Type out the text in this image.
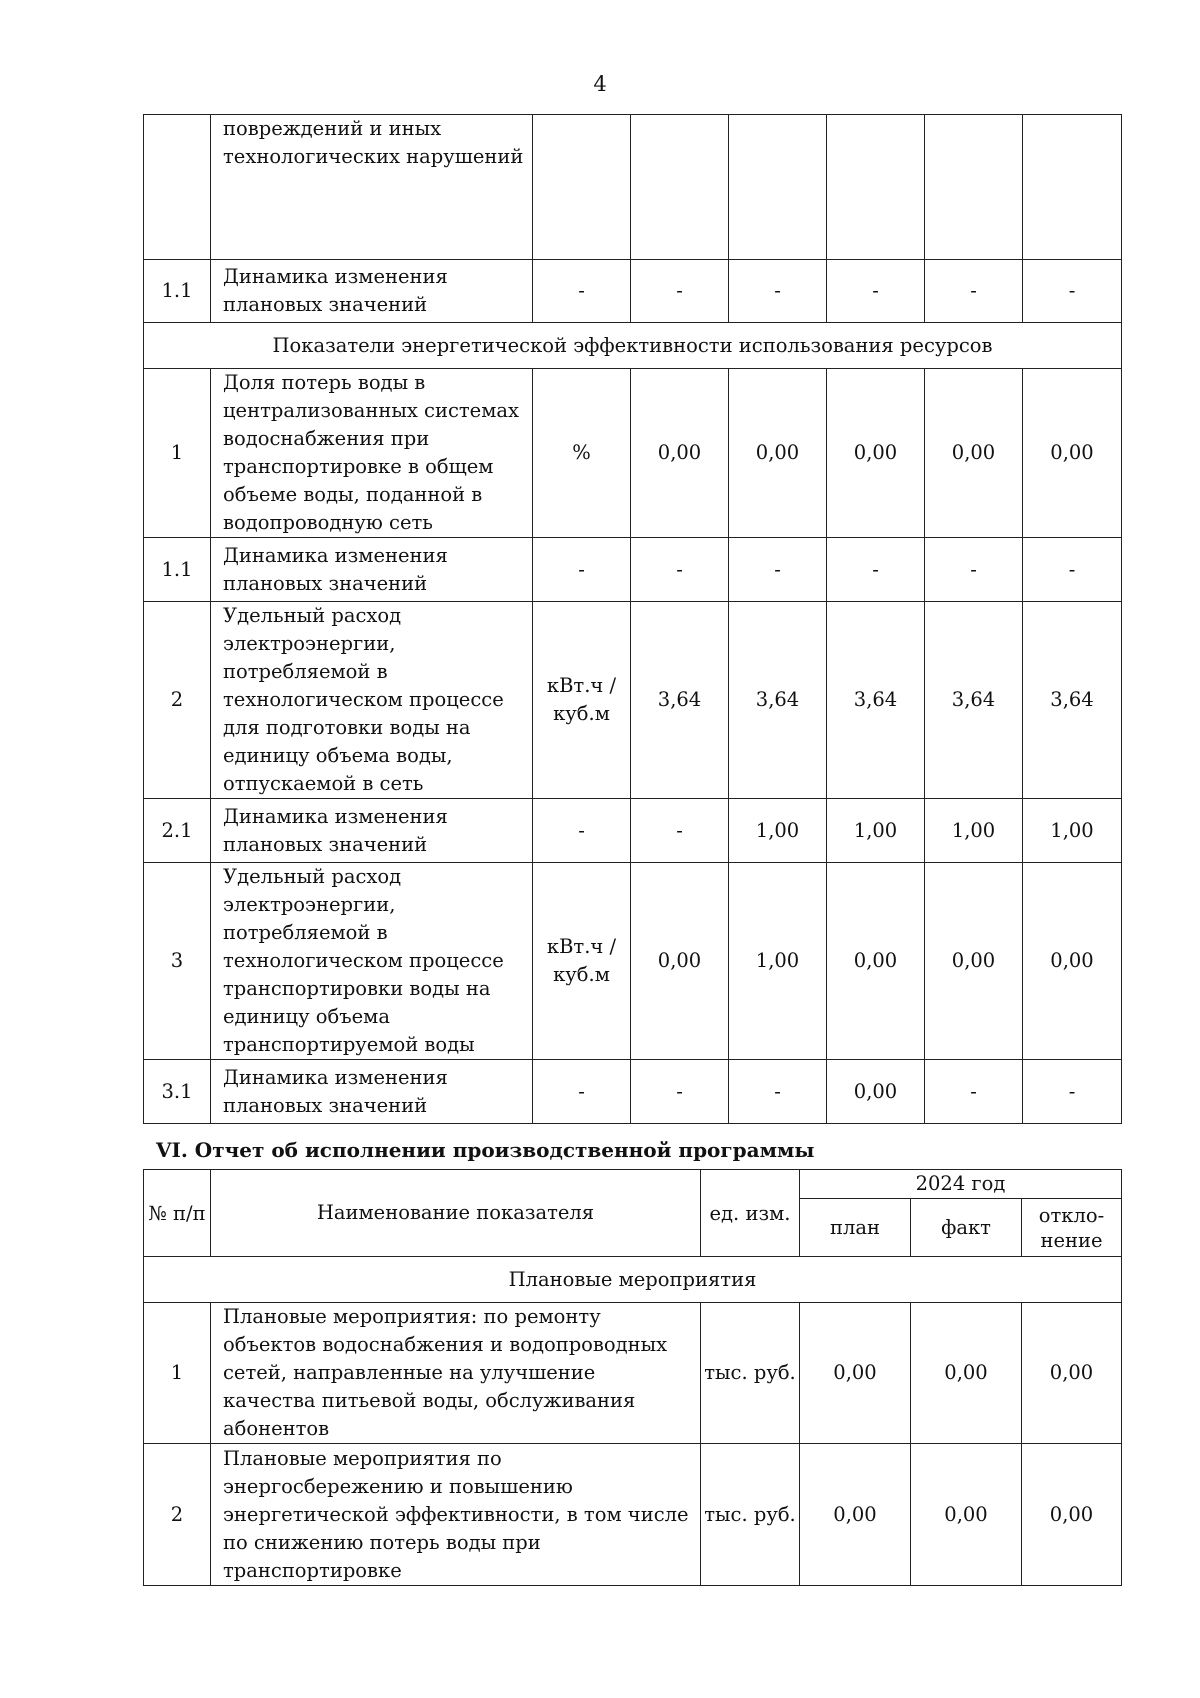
4
	повреждений и иных технологических нарушений						
1.1	Динамика изменения плановых значений	-	-	-	-	-	-
Показатели энергетической эффективности использования ресурсов							
1	Доля потерь воды в централизованных системах водоснабжения при транспортировке в общем объеме воды, поданной в водопроводную сеть	%	0,00	0,00	0,00	0,00	0,00
1.1	Динамика изменения плановых значений	-	-	-	-	-	-
2	Удельный расход электроэнергии, потребляемой в технологическом процессе для подготовки воды на единицу объема воды, отпускаемой в сеть	кВт.ч / куб.м	3,64	3,64	3,64	3,64	3,64
2.1	Динамика изменения плановых значений	-	-	1,00	1,00	1,00	1,00
3	Удельный расход электроэнергии, потребляемой в технологическом процессе транспортировки воды на единицу объема транспортируемой воды	кВт.ч / куб.м	0,00	1,00	0,00	0,00	0,00
3.1	Динамика изменения плановых значений	-	-	-	0,00	-	-
VI. Отчет об исполнении производственной программы
№ п/п	Наименование показателя	ед. изм.	2024 год		
			план	факт	откло-нение
Плановые мероприятия					
1	Плановые мероприятия: по ремонту объектов водоснабжения и водопроводных сетей, направленные на улучшение качества питьевой воды, обслуживания абонентов	тыс. руб.	0,00	0,00	0,00
2	Плановые мероприятия по энергосбережению и повышению энергетической эффективности, в том числе по снижению потерь воды при транспортировке	тыс. руб.	0,00	0,00	0,00
